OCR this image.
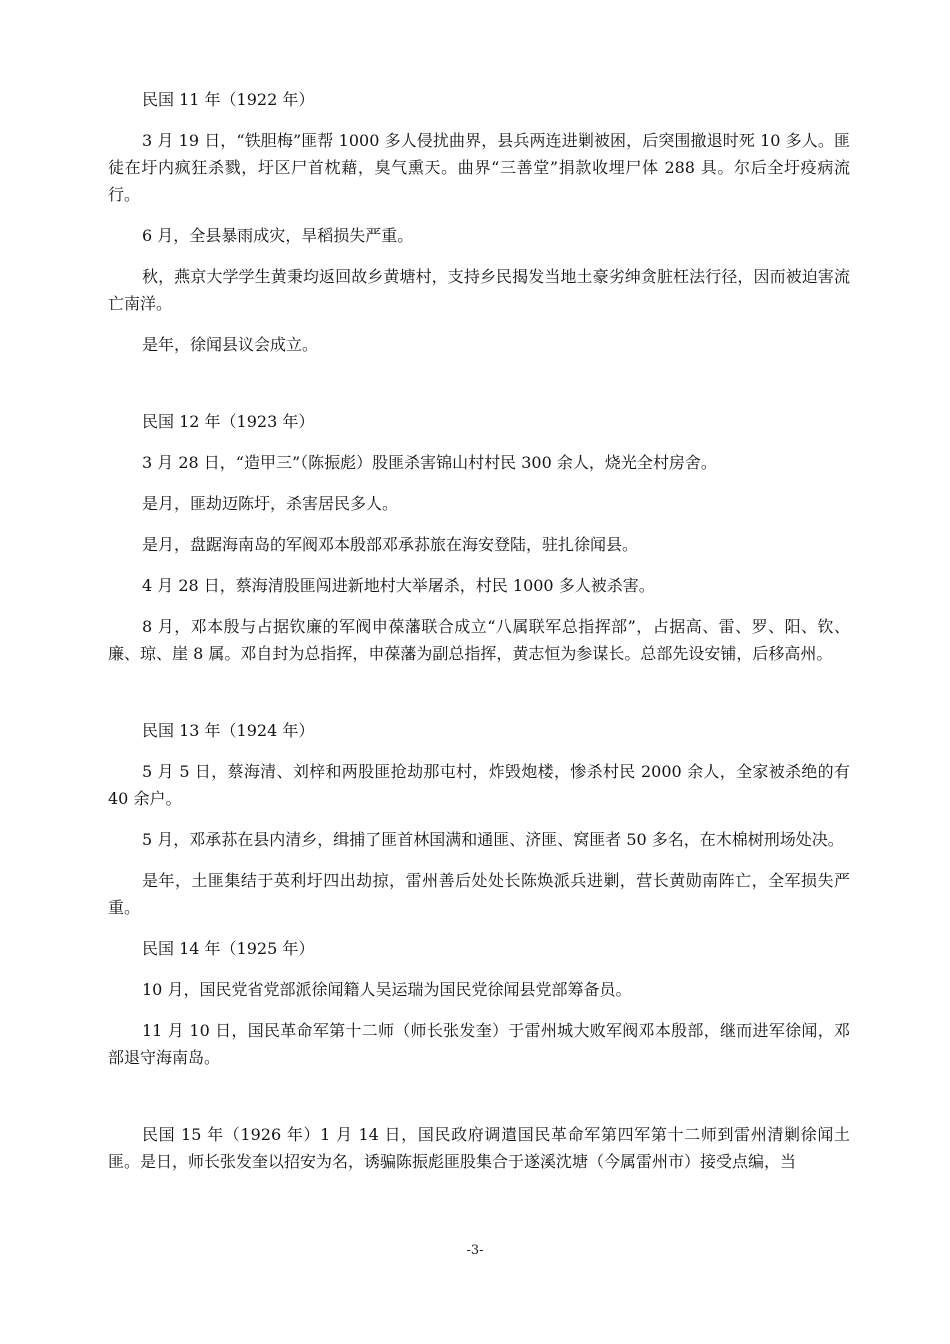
民国 11 年（1922 年）

3 月 19 日，“铁胆梅”匪帮 1000 多人侵扰曲界，县兵两连进剿被困，后突围撤退时死 10 多人。匪徒在圩内疯狂杀戮，圩区尸首枕藉，臭气熏天。曲界“三善堂”捐款收埋尸体 288 具。尔后全圩疫病流行。

6 月，全县暴雨成灾，旱稻损失严重。

秋，燕京大学学生黄秉均返回故乡黄塘村，支持乡民揭发当地土豪劣绅贪脏枉法行径，因而被迫害流亡南洋。

是年，徐闻县议会成立。

民国 12 年（1923 年）

3 月 28 日，“造甲三”（陈振彪）股匪杀害锦山村村民 300 余人，烧光全村房舍。

是月，匪劫迈陈圩，杀害居民多人。

是月，盘踞海南岛的军阀邓本殷部邓承荪旅在海安登陆，驻扎徐闻县。

4 月 28 日，蔡海清股匪闯进新地村大举屠杀，村民 1000 多人被杀害。

8 月，邓本殷与占据钦廉的军阀申葆藩联合成立“八属联军总指挥部”，占据高、雷、罗、阳、钦、廉、琼、崖 8 属。邓自封为总指挥，申葆藩为副总指挥，黄志恒为参谋长。总部先设安铺，后移高州。

民国 13 年（1924 年）

5 月 5 日，蔡海清、刘梓和两股匪抢劫那屯村，炸毁炮楼，惨杀村民 2000 余人，全家被杀绝的有 40 余户。

5 月，邓承荪在县内清乡，缉捕了匪首林国满和通匪、济匪、窝匪者 50 多名，在木棉树刑场处决。

是年，土匪集结于英利圩四出劫掠，雷州善后处处长陈焕派兵进剿，营长黄勋南阵亡，全军损失严重。

民国 14 年（1925 年）

10 月，国民党省党部派徐闻籍人吴运瑞为国民党徐闻县党部筹备员。

11 月 10 日，国民革命军第十二师（师长张发奎）于雷州城大败军阀邓本殷部，继而进军徐闻，邓部退守海南岛。

民国 15 年（1926 年）1 月 14 日，国民政府调遣国民革命军第四军第十二师到雷州清剿徐闻土匪。是日，师长张发奎以招安为名，诱骗陈振彪匪股集合于遂溪沈塘（今属雷州市）接受点编，当

-3-
